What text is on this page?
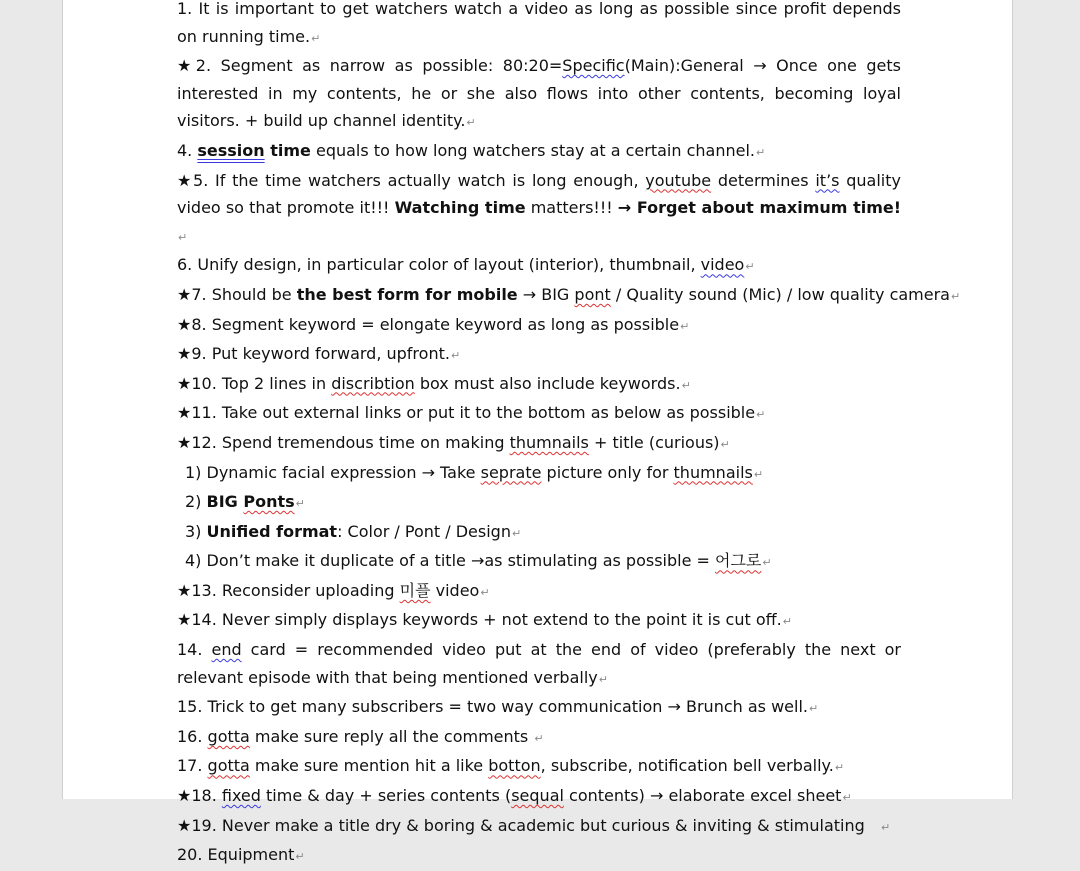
1. It is important to get watchers watch a video as long as possible since profit depends on running time.↵
★2. Segment as narrow as possible: 80:20=Specific(Main):General → Once one gets interested in my contents, he or she also flows into other contents, becoming loyal visitors. + build up channel identity.↵
4. session time equals to how long watchers stay at a certain channel.↵
★5. If the time watchers actually watch is long enough, youtube determines it’s quality video so that promote it!!! Watching time matters!!! → Forget about maximum time!↵
6. Unify design, in particular color of layout (interior), thumbnail, video↵
★7. Should be the best form for mobile → BIG pont / Quality sound (Mic) / low quality camera↵
★8. Segment keyword = elongate keyword as long as possible↵
★9. Put keyword forward, upfront.↵
★10. Top 2 lines in discribtion box must also include keywords.↵
★11. Take out external links or put it to the bottom as below as possible↵
★12. Spend tremendous time on making thumnails + title (curious)↵
1) Dynamic facial expression → Take seprate picture only for thumnails↵
2) BIG Ponts↵
3) Unified format: Color / Pont / Design↵
4) Don’t make it duplicate of a title →as stimulating as possible = 어그로↵
★13. Reconsider uploading 미플 video↵
★14. Never simply displays keywords + not extend to the point it is cut off.↵
14. end card = recommended video put at the end of video (preferably the next or relevant episode with that being mentioned verbally↵
15. Trick to get many subscribers = two way communication → Brunch as well.↵
16. gotta make sure reply all the comments ↵
17. gotta make sure mention hit a like botton, subscribe, notification bell verbally.↵
★18. fixed time & day + series contents (sequal contents) → elaborate excel sheet↵
★19. Never make a title dry & boring & academic but curious & inviting & stimulating   ↵
20. Equipment↵
